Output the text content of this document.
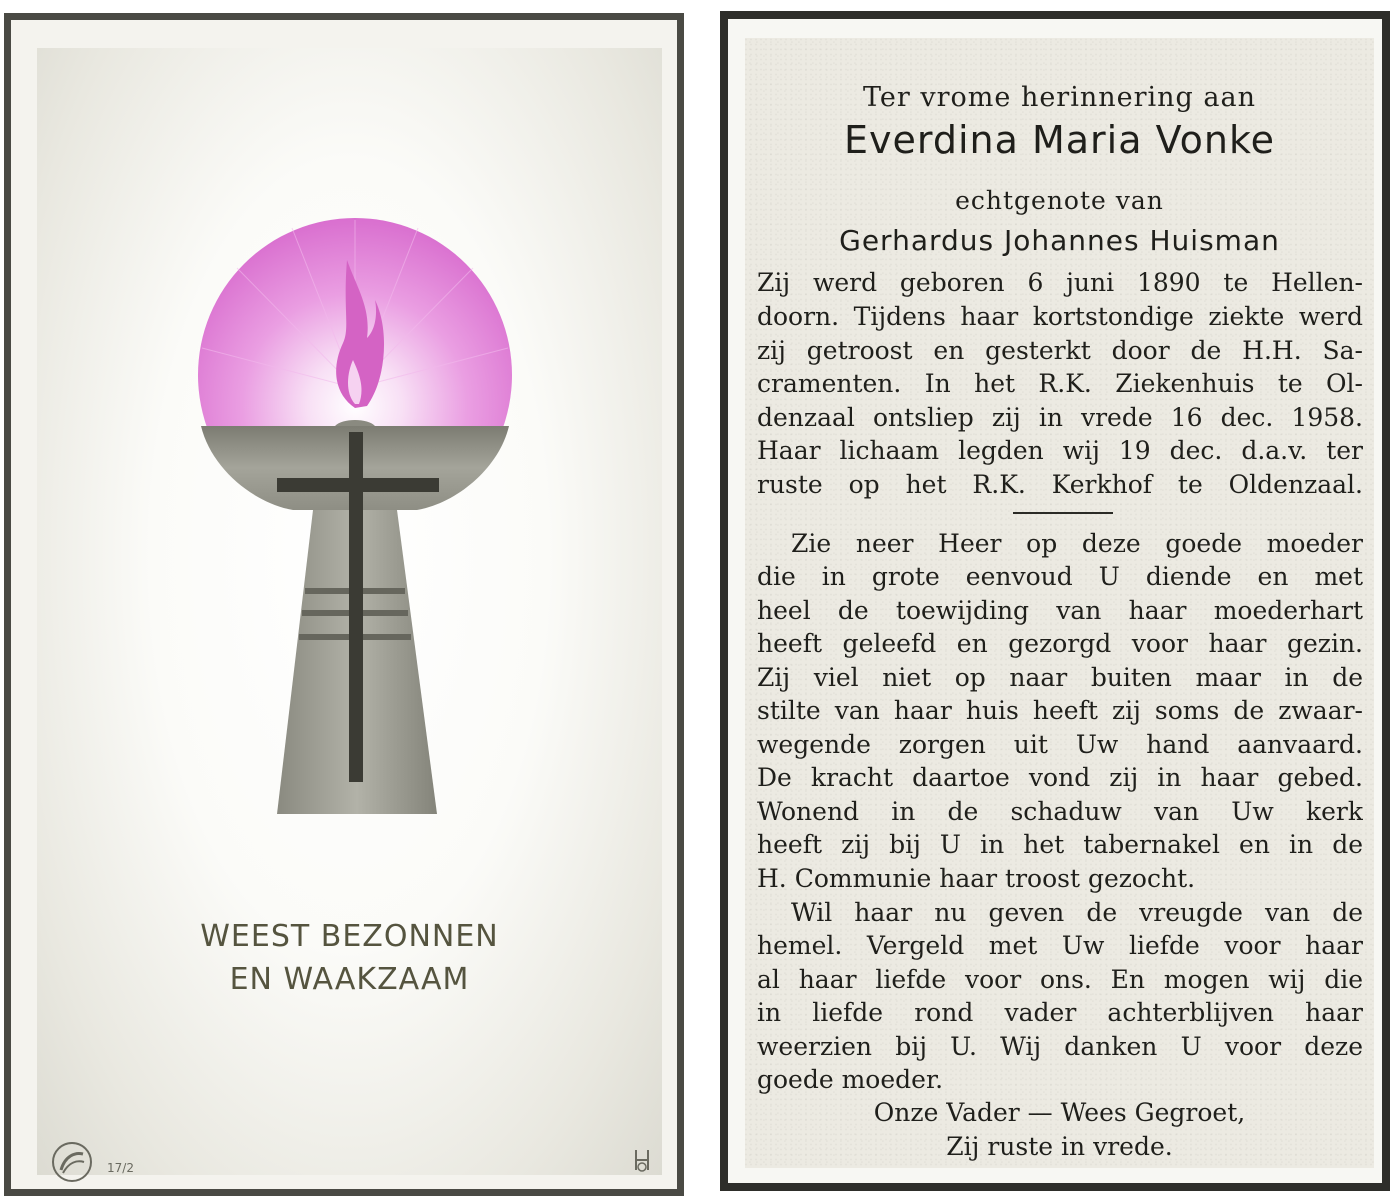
WEEST BEZONNEN
EN WAAKZAAM
17/2
Ter vrome herinnering aan
Everdina Maria Vonke
echtgenote van
Gerhardus Johannes Huisman
Zij werd geboren 6 juni 1890 te Hellen-
doorn. Tijdens haar kortstondige ziekte werd
zij getroost en gesterkt door de H.H. Sa-
cramenten. In het R.K. Ziekenhuis te Ol-
denzaal ontsliep zij in vrede 16 dec. 1958.
Haar lichaam legden wij 19 dec. d.a.v. ter
ruste op het R.K. Kerkhof te Oldenzaal.
Zie neer Heer op deze goede moeder
die in grote eenvoud U diende en met
heel de toewijding van haar moederhart
heeft geleefd en gezorgd voor haar gezin.
Zij viel niet op naar buiten maar in de
stilte van haar huis heeft zij soms de zwaar-
wegende zorgen uit Uw hand aanvaard.
De kracht daartoe vond zij in haar gebed.
Wonend in de schaduw van Uw kerk
heeft zij bij U in het tabernakel en in de
H. Communie haar troost gezocht.
Wil haar nu geven de vreugde van de
hemel. Vergeld met Uw liefde voor haar
al haar liefde voor ons. En mogen wij die
in liefde rond vader achterblijven haar
weerzien bij U. Wij danken U voor deze
goede moeder.
Onze Vader — Wees Gegroet,
Zij ruste in vrede.
